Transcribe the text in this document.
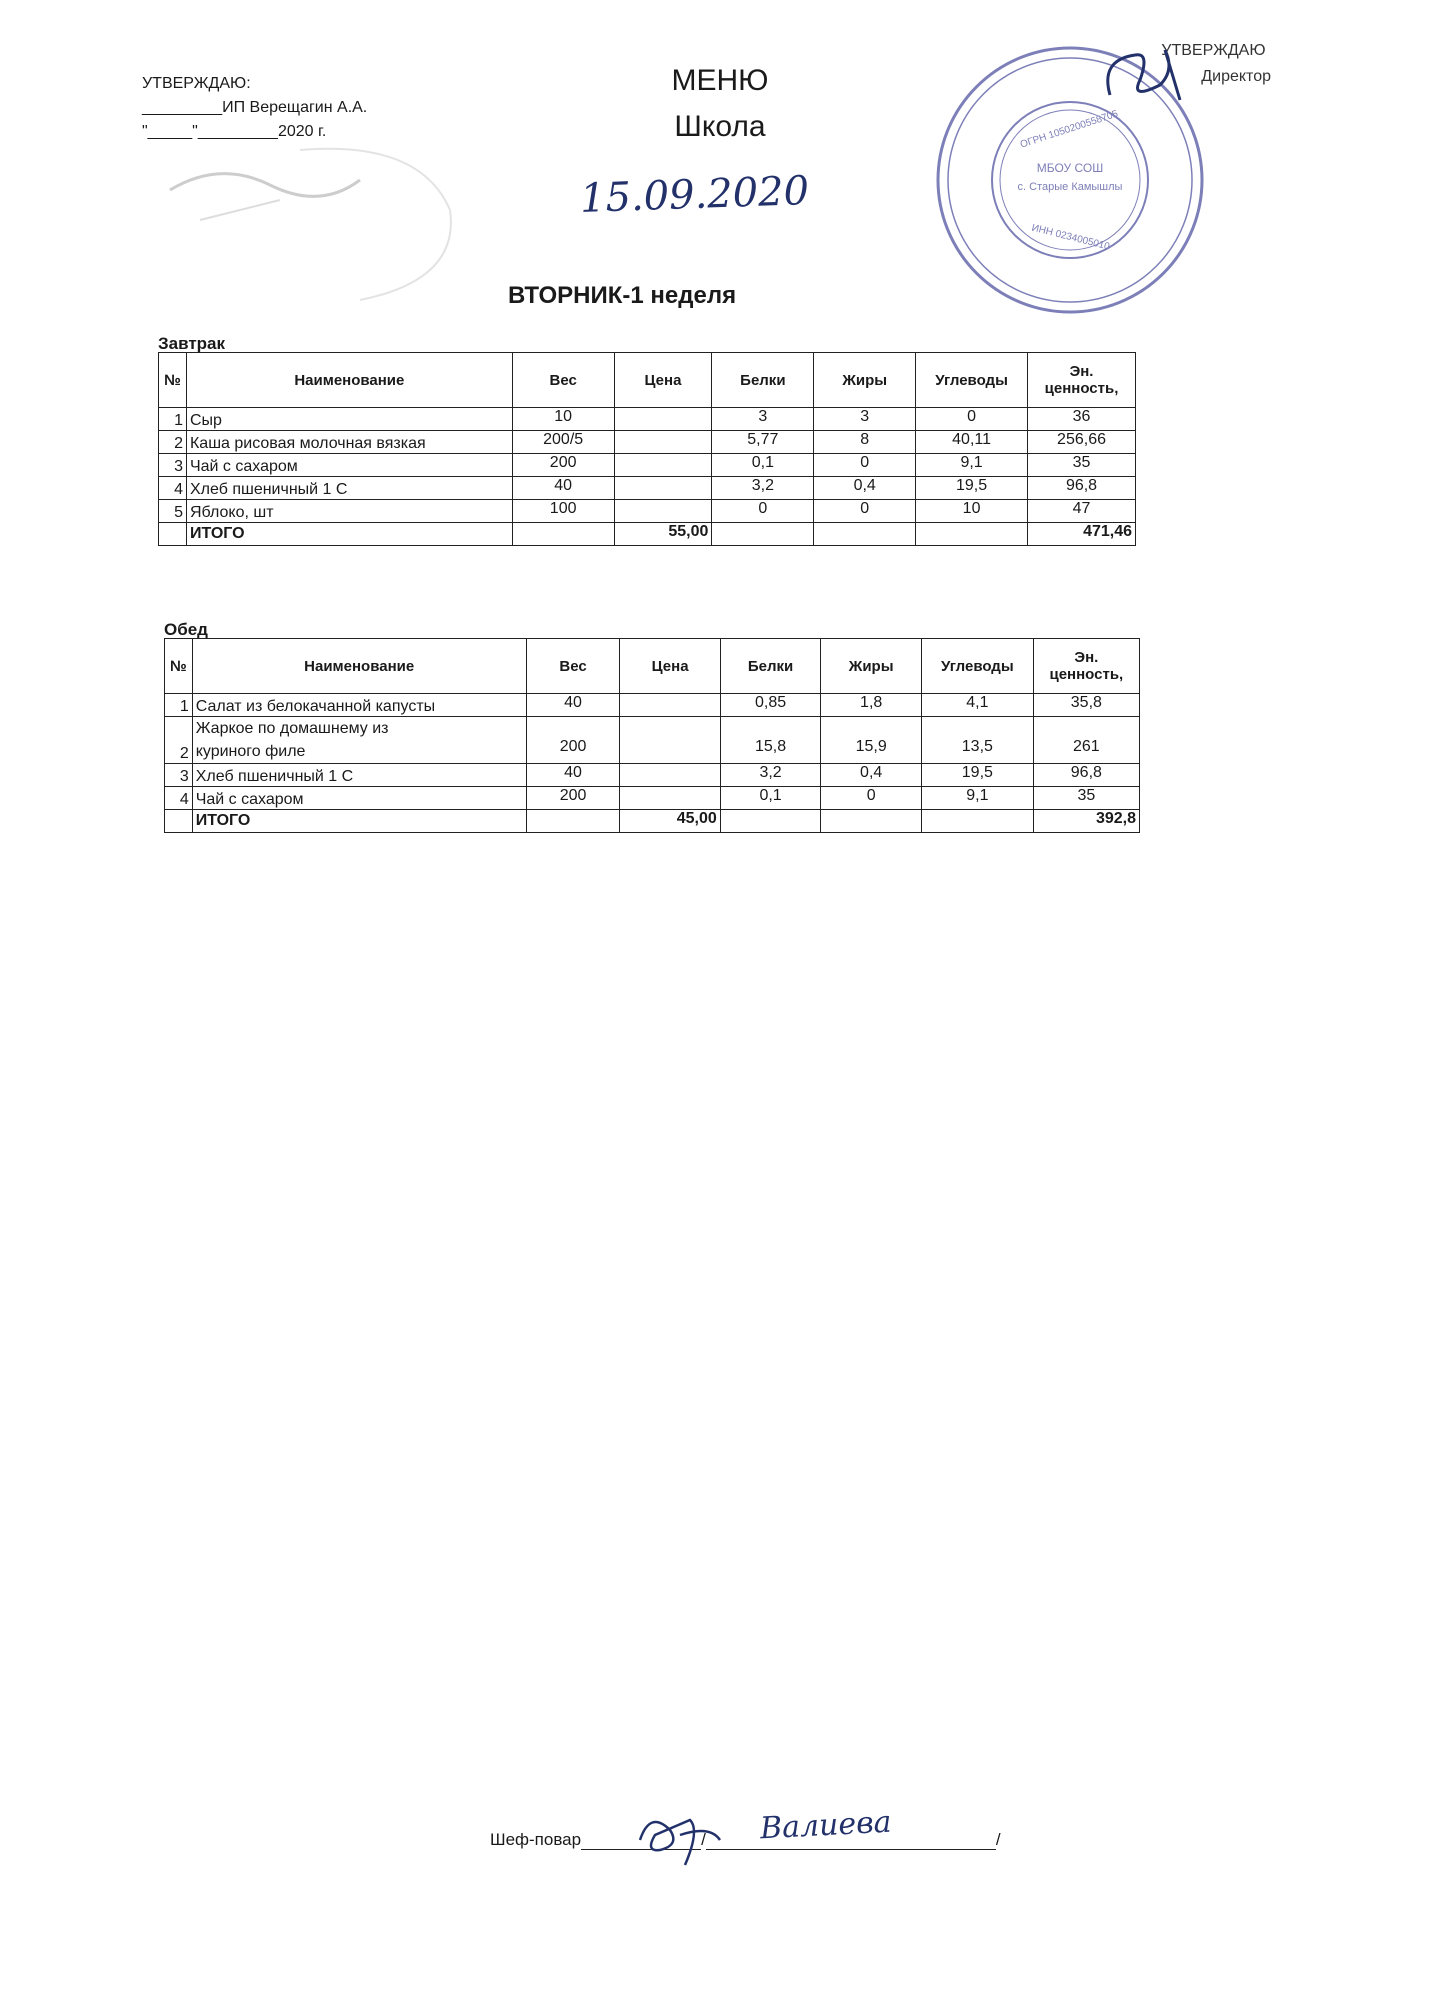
УТВЕРЖДАЮ:
_________ИП Верещагин А.А.
"_____"_________2020 г.
МЕНЮ
Школа
15.09.2020
МБОУ СОШ
с. Старые Камышлы
ОГРН 1050200558705
ИНН 0234005010
УТВЕРЖДАЮ
Директор
ВТОРНИК-1 неделя
Завтрак
№	Наименование	Вес	Цена	Белки	Жиры	Углеводы	Эн. ценность,
1	Сыр	10		3	3	0	36
2	Каша рисовая молочная вязкая	200/5		5,77	8	40,11	256,66
3	Чай с сахаром	200		0,1	0	9,1	35
4	Хлеб пшеничный 1 С	40		3,2	0,4	19,5	96,8
5	Яблоко, шт	100		0	0	10	47
	ИТОГО		55,00				471,46
Обед
№	Наименование	Вес	Цена	Белки	Жиры	Углеводы	Эн. ценность,
1	Салат из белокачанной капусты	40		0,85	1,8	4,1	35,8
2	Жаркое по домашнему из
куриного филе	200		15,8	15,9	13,5	261
3	Хлеб пшеничный 1 С	40		3,2	0,4	19,5	96,8
4	Чай с сахаром	200		0,1	0	9,1	35
	ИТОГО		45,00				392,8
Шеф-повар	/	/
Валиева
